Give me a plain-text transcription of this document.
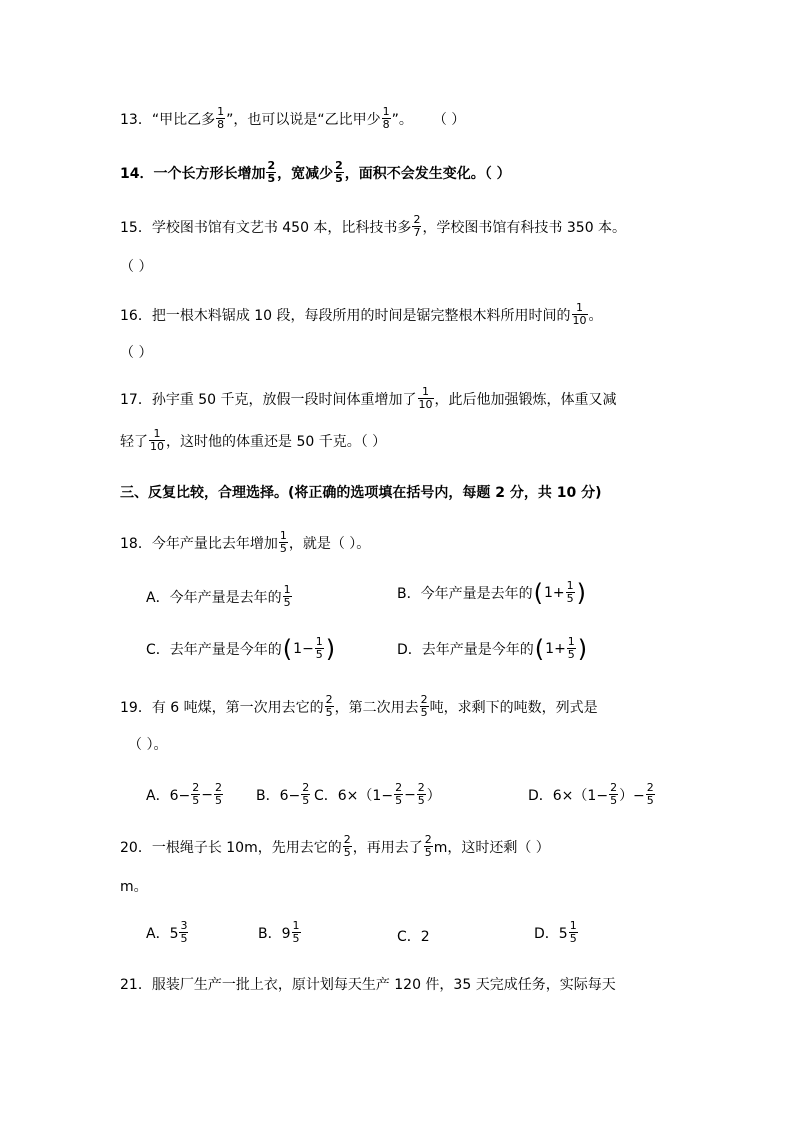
13．“甲比乙多 $\frac{1}{8}$ ”，也可以说是“乙比甲少 $\frac{1}{8}$ ”。 （ ）
14．一个长方形长增加 $\frac{2}{5}$ ，宽减少 $\frac{2}{5}$ ，面积不会发生变化。（ ）
15．学校图书馆有文艺书 450 本，比科技书多 $\frac{2}{7}$ ，学校图书馆有科技书 350 本。
（ ）
16．把一根木料锯成 10 段，每段所用的时间是锯完整根木料所用时间的 $\frac{1}{10}$ 。
（ ）
17．孙宇重 50 千克，放假一段时间体重增加了 $\frac{1}{10}$ ，此后他加强锻炼，体重又减
轻了 $\frac{1}{10}$ ，这时他的体重还是 50 千克。（ ）
三、反复比较，合理选择。(将正确的选项填在括号内，每题 2 分，共 10 分)
18．今年产量比去年增加 $\frac{1}{5}$ ，就是（ ）。
A．今年产量是去年的 $\frac{1}{5}$	B．今年产量是去年的 ( $1+ \frac{1}{5}$ )
C．去年产量是今年的 ( $1- \frac{1}{5}$ )	D．去年产量是今年的 ( $1+ \frac{1}{5}$ )
19．有 6 吨煤，第一次用去它的 $\frac{2}{5}$ ，第二次用去 $\frac{2}{5}$ 吨，求剩下的吨数，列式是
（ ）。
A．$6- \frac{2}{5} - \frac{2}{5}$ B．$6- \frac{2}{5}$ C．$6\times(1- \frac{2}{5} - \frac{2}{5}$ ）	D．$6\times(1- \frac{2}{5}$ ）− $\frac{2}{5}$
20．一根绳子长 10m，先用去它的 $\frac{2}{5}$ ，再用去了 $\frac{2}{5}$ m，这时还剩（ ）
m。
A．$5 \frac{3}{5}$	B．$9 \frac{1}{5}$	C．2	D．$5 \frac{1}{5}$
21．服装厂生产一批上衣，原计划每天生产 120 件，35 天完成任务，实际每天
